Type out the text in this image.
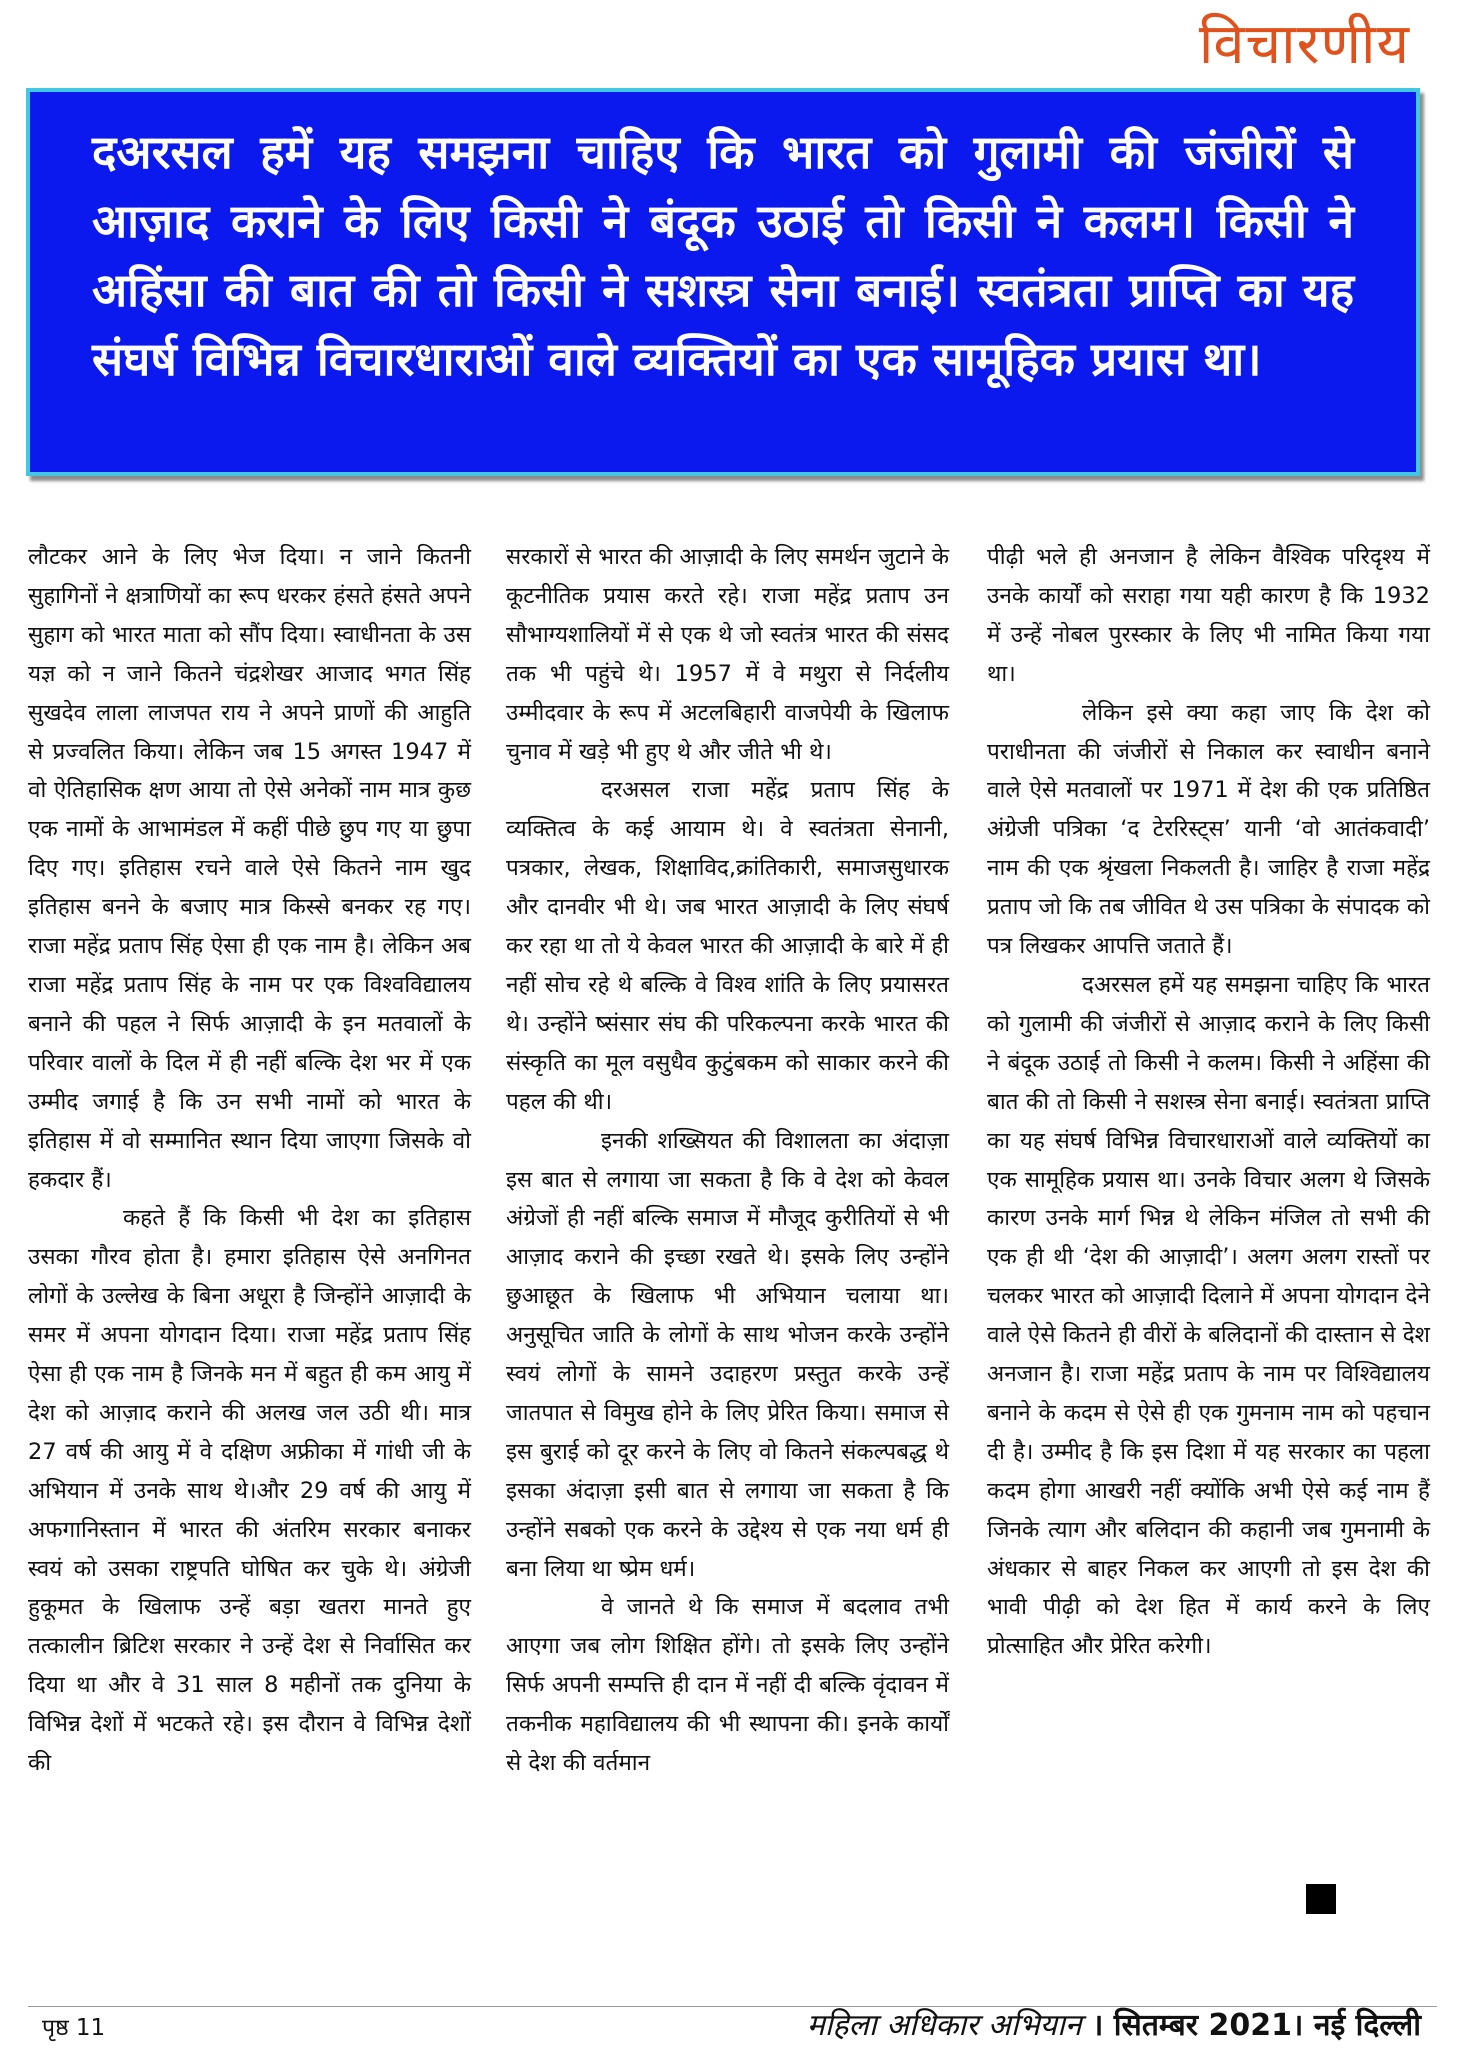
विचारणीय
दअरसल हमें यह समझना चाहिए कि भारत को गुलामी की जंजीरों से आज़ाद कराने के लिए किसी ने बंदूक उठाई तो किसी ने कलम। किसी ने अहिंसा की बात की तो किसी ने सशस्त्र सेना बनाई। स्वतंत्रता प्राप्ति का यह संघर्ष विभिन्न विचारधाराओं वाले व्यक्तियों का एक सामूहिक प्रयास था।

लौटकर आने के लिए भेज दिया। न जाने कितनी सुहागिनों ने क्षत्राणियों का रूप धरकर हंसते हंसते अपने सुहाग को भारत माता को सौंप दिया। स्वाधीनता के उस यज्ञ को न जाने कितने चंद्रशेखर आजाद भगत सिंह सुखदेव लाला लाजपत राय ने अपने प्राणों की आहुति से प्रज्वलित किया। लेकिन जब 15 अगस्त 1947 में वो ऐतिहासिक क्षण आया तो ऐसे अनेकों नाम मात्र कुछ एक नामों के आभामंडल में कहीं पीछे छुप गए या छुपा दिए गए। इतिहास रचने वाले ऐसे कितने नाम खुद इतिहास बनने के बजाए मात्र किस्से बनकर रह गए। राजा महेंद्र प्रताप सिंह ऐसा ही एक नाम है। लेकिन अब राजा महेंद्र प्रताप सिंह के नाम पर एक विश्वविद्यालय बनाने की पहल ने सिर्फ आज़ादी के इन मतवालों के परिवार वालों के दिल में ही नहीं बल्कि देश भर में एक उम्मीद जगाई है कि उन सभी नामों को भारत के इतिहास में वो सम्मानित स्थान दिया जाएगा जिसके वो हकदार हैं।

कहते हैं कि किसी भी देश का इतिहास उसका गौरव होता है। हमारा इतिहास ऐसे अनगिनत लोगों के उल्लेख के बिना अधूरा है जिन्होंने आज़ादी के समर में अपना योगदान दिया। राजा महेंद्र प्रताप सिंह ऐसा ही एक नाम है जिनके मन में बहुत ही कम आयु में देश को आज़ाद कराने की अलख जल उठी थी। मात्र 27 वर्ष की आयु में वे दक्षिण अफ्रीका में गांधी जी के अभियान में उनके साथ थे।और 29 वर्ष की आयु में अफगानिस्तान में भारत की अंतरिम सरकार बनाकर स्वयं को उसका राष्ट्रपति घोषित कर चुके थे। अंग्रेजी हुकूमत के खिलाफ उन्हें बड़ा खतरा मानते हुए तत्कालीन ब्रिटिश सरकार ने उन्हें देश से निर्वासित कर दिया था और वे 31 साल 8 महीनों तक दुनिया के विभिन्न देशों में भटकते रहे। इस दौरान वे विभिन्न देशों की

सरकारों से भारत की आज़ादी के लिए समर्थन जुटाने के कूटनीतिक प्रयास करते रहे। राजा महेंद्र प्रताप उन सौभाग्यशालियों में से एक थे जो स्वतंत्र भारत की संसद तक भी पहुंचे थे। 1957 में वे मथुरा से निर्दलीय उम्मीदवार के रूप में अटलबिहारी वाजपेयी के खिलाफ चुनाव में खड़े भी हुए थे और जीते भी थे।

दरअसल राजा महेंद्र प्रताप सिंह के व्यक्तित्व के कई आयाम थे। वे स्वतंत्रता सेनानी, पत्रकार, लेखक, शिक्षाविद,क्रांतिकारी, समाजसुधारक और दानवीर भी थे। जब भारत आज़ादी के लिए संघर्ष कर रहा था तो ये केवल भारत की आज़ादी के बारे में ही नहीं सोच रहे थे बल्कि वे विश्व शांति के लिए प्रयासरत थे। उन्होंने ष्संसार संघ की परिकल्पना करके भारत की संस्कृति का मूल वसुधैव कुटुंबकम को साकार करने की पहल की थी।

इनकी शख्सियत की विशालता का अंदाज़ा इस बात से लगाया जा सकता है कि वे देश को केवल अंग्रेजों ही नहीं बल्कि समाज में मौजूद कुरीतियों से भी आज़ाद कराने की इच्छा रखते थे। इसके लिए उन्होंने छुआछूत के खिलाफ भी अभियान चलाया था। अनुसूचित जाति के लोगों के साथ भोजन करके उन्होंने स्वयं लोगों के सामने उदाहरण प्रस्तुत करके उन्हें जातपात से विमुख होने के लिए प्रेरित किया। समाज से इस बुराई को दूर करने के लिए वो कितने संकल्पबद्ध थे इसका अंदाज़ा इसी बात से लगाया जा सकता है कि उन्होंने सबको एक करने के उद्देश्य से एक नया धर्म ही बना लिया था ष्प्रेम धर्म।

वे जानते थे कि समाज में बदलाव तभी आएगा जब लोग शिक्षित होंगे। तो इसके लिए उन्होंने सिर्फ अपनी सम्पत्ति ही दान में नहीं दी बल्कि वृंदावन में तकनीक महाविद्यालय की भी स्थापना की। इनके कार्यों से देश की वर्तमान

पीढ़ी भले ही अनजान है लेकिन वैश्विक परिदृश्य में उनके कार्यों को सराहा गया यही कारण है कि 1932 में उन्हें नोबल पुरस्कार के लिए भी नामित किया गया था।

लेकिन इसे क्या कहा जाए कि देश को पराधीनता की जंजीरों से निकाल कर स्वाधीन बनाने वाले ऐसे मतवालों पर 1971 में देश की एक प्रतिष्ठित अंग्रेजी पत्रिका ‘द टेररिस्ट्स’ यानी ‘वो आतंकवादी’ नाम की एक श्रृंखला निकलती है। जाहिर है राजा महेंद्र प्रताप जो कि तब जीवित थे उस पत्रिका के संपादक को पत्र लिखकर आपत्ति जताते हैं।

दअरसल हमें यह समझना चाहिए कि भारत को गुलामी की जंजीरों से आज़ाद कराने के लिए किसी ने बंदूक उठाई तो किसी ने कलम। किसी ने अहिंसा की बात की तो किसी ने सशस्त्र सेना बनाई। स्वतंत्रता प्राप्ति का यह संघर्ष विभिन्न विचारधाराओं वाले व्यक्तियों का एक सामूहिक प्रयास था। उनके विचार अलग थे जिसके कारण उनके मार्ग भिन्न थे लेकिन मंजिल तो सभी की एक ही थी ‘देश की आज़ादी’। अलग अलग रास्तों पर चलकर भारत को आज़ादी दिलाने में अपना योगदान देने वाले ऐसे कितने ही वीरों के बलिदानों की दास्तान से देश अनजान है। राजा महेंद्र प्रताप के नाम पर विश्विद्यालय बनाने के कदम से ऐसे ही एक गुमनाम नाम को पहचान दी है। उम्मीद है कि इस दिशा में यह सरकार का पहला कदम होगा आखरी नहीं क्योंकि अभी ऐसे कई नाम हैं जिनके त्याग और बलिदान की कहानी जब गुमनामी के अंधकार से बाहर निकल कर आएगी तो इस देश की भावी पीढ़ी को देश हित में कार्य करने के लिए प्रोत्साहित और प्रेरित करेगी।

पृष्ठ 11	महिला अधिकार अभियान । सितम्बर 2021। नई दिल्ली
